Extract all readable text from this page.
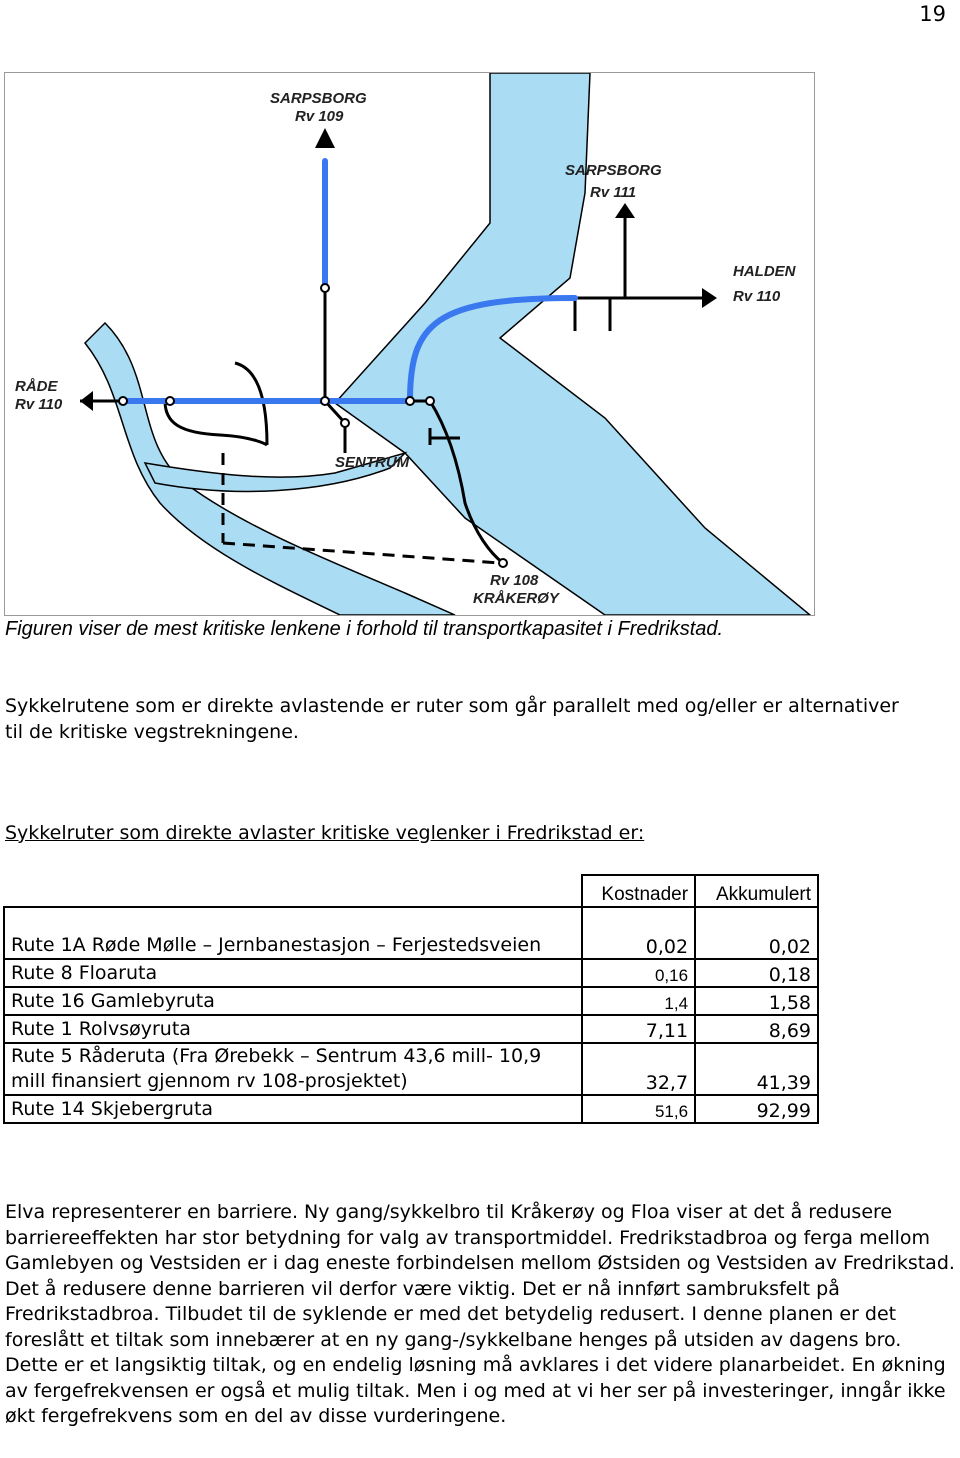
19
SARPSBORG
Rv 109
SARPSBORG
Rv 111
HALDEN
Rv 110
RÅDE
Rv 110
SENTRUM
Rv 108
KRÅKERØY
Figuren viser de mest kritiske lenkene i forhold til transportkapasitet i Fredrikstad.

Sykkelrutene som er direkte avlastende er ruter som går parallelt med og/eller er alternativer til de kritiske vegstrekningene.

Sykkelruter som direkte avlaster kritiske veglenker i Fredrikstad er:

	Kostnader	Akkumulert
Rute 1A Røde Mølle – Jernbanestasjon – Ferjestedsveien	0,02	0,02
Rute 8 Floaruta	0,16	0,18
Rute 16 Gamlebyruta	1,4	1,58
Rute 1 Rolvsøyruta	7,11	8,69
Rute 5 Råderuta (Fra Ørebekk – Sentrum 43,6 mill- 10,9 mill finansiert gjennom rv 108-prosjektet)	32,7	41,39
Rute 14 Skjebergruta	51,6	92,99

Elva representerer en barriere. Ny gang/sykkelbro til Kråkerøy og Floa viser at det å redusere barriereeffekten har stor betydning for valg av transportmiddel. Fredrikstadbroa og ferga mellom Gamlebyen og Vestsiden er i dag eneste forbindelsen mellom Østsiden og Vestsiden av Fredrikstad. Det å redusere denne barrieren vil derfor være viktig. Det er nå innført sambruksfelt på Fredrikstadbroa. Tilbudet til de syklende er med det betydelig redusert. I denne planen er det foreslått et tiltak som innebærer at en ny gang-/sykkelbane henges på utsiden av dagens bro. Dette er et langsiktig tiltak, og en endelig løsning må avklares i det videre planarbeidet. En økning av fergefrekvensen er også et mulig tiltak. Men i og med at vi her ser på investeringer, inngår ikke økt fergefrekvens som en del av disse vurderingene.
